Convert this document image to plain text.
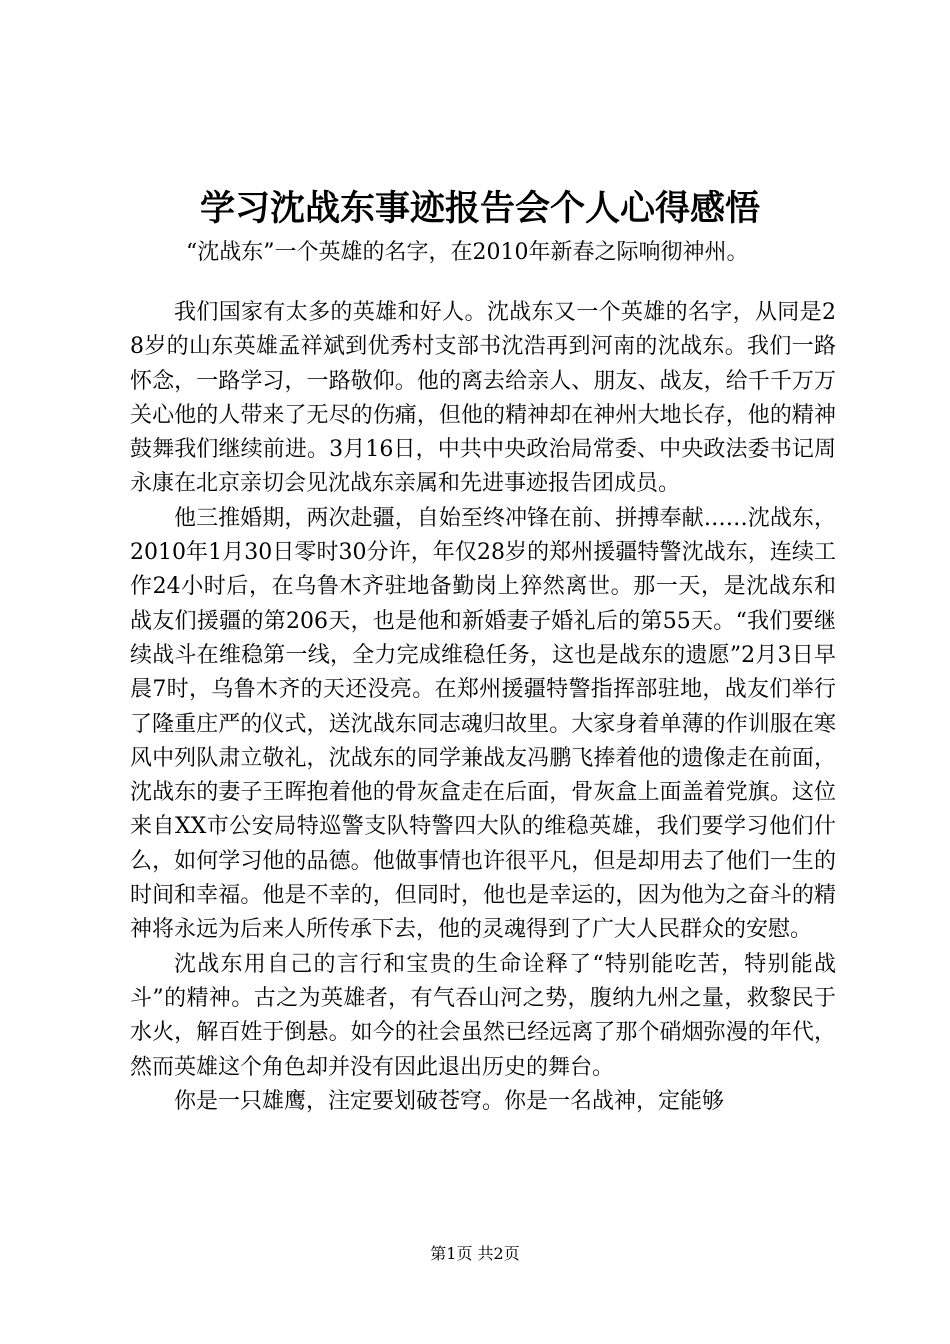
学习沈战东事迹报告会个人心得感悟
“沈战东”一个英雄的名字，在2010年新春之际响彻神州。

我们国家有太多的英雄和好人。沈战东又一个英雄的名字，从同是28岁的山东英雄孟祥斌到优秀村支部书沈浩再到河南的沈战东。我们一路怀念，一路学习，一路敬仰。他的离去给亲人、朋友、战友，给千千万万关心他的人带来了无尽的伤痛，但他的精神却在神州大地长存，他的精神鼓舞我们继续前进。3月16日，中共中央政治局常委、中央政法委书记周永康在北京亲切会见沈战东亲属和先进事迹报告团成员。

他三推婚期，两次赴疆，自始至终冲锋在前、拼搏奉献……沈战东，2010年1月30日零时30分许，年仅28岁的郑州援疆特警沈战东，连续工作24小时后，在乌鲁木齐驻地备勤岗上猝然离世。那一天，是沈战东和战友们援疆的第206天，也是他和新婚妻子婚礼后的第55天。“我们要继续战斗在维稳第一线，全力完成维稳任务，这也是战东的遗愿”2月3日早晨7时，乌鲁木齐的天还没亮。在郑州援疆特警指挥部驻地，战友们举行了隆重庄严的仪式，送沈战东同志魂归故里。大家身着单薄的作训服在寒风中列队肃立敬礼，沈战东的同学兼战友冯鹏飞捧着他的遗像走在前面，沈战东的妻子王晖抱着他的骨灰盒走在后面，骨灰盒上面盖着党旗。这位来自XX市公安局特巡警支队特警四大队的维稳英雄，我们要学习他们什么，如何学习他的品德。他做事情也许很平凡，但是却用去了他们一生的时间和幸福。他是不幸的，但同时，他也是幸运的，因为他为之奋斗的精神将永远为后来人所传承下去，他的灵魂得到了广大人民群众的安慰。

沈战东用自己的言行和宝贵的生命诠释了“特别能吃苦，特别能战斗”的精神。古之为英雄者，有气吞山河之势，腹纳九州之量，救黎民于水火，解百姓于倒悬。如今的社会虽然已经远离了那个硝烟弥漫的年代，然而英雄这个角色却并没有因此退出历史的舞台。

你是一只雄鹰，注定要划破苍穹。你是一名战神，定能够

第1页 共2页
